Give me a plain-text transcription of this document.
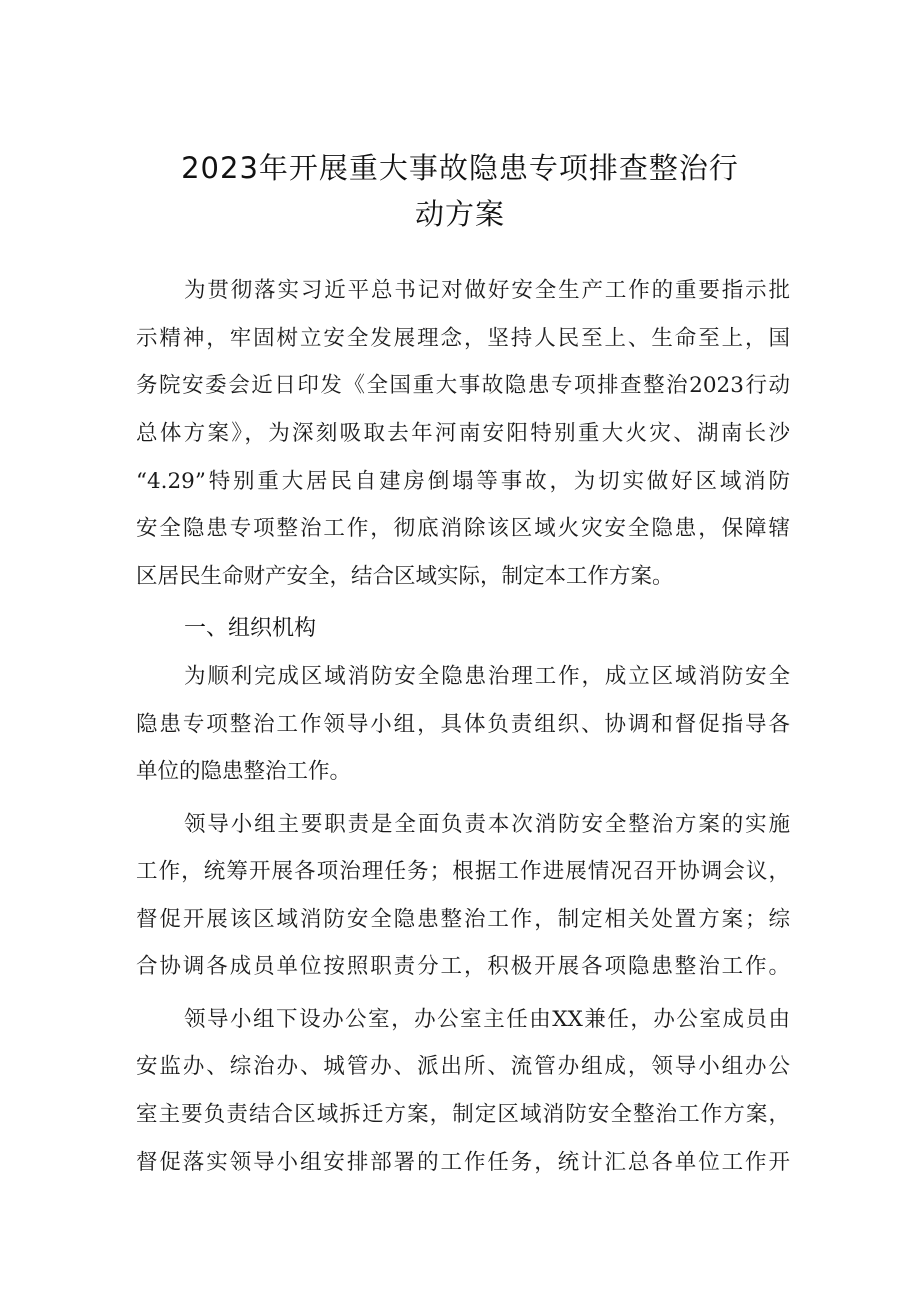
2023年开展重大事故隐患专项排查整治行
动方案

为贯彻落实习近平总书记对做好安全生产工作的重要指示批

示精神，牢固树立安全发展理念，坚持人民至上、生命至上，国

务院安委会近日印发《全国重大事故隐患专项排查整治2023行动

总体方案》，为深刻吸取去年河南安阳特别重大火灾、湖南长沙

“4.29”特别重大居民自建房倒塌等事故，为切实做好区域消防

安全隐患专项整治工作，彻底消除该区域火灾安全隐患，保障辖

区居民生命财产安全，结合区域实际，制定本工作方案。

一、组织机构

为顺利完成区域消防安全隐患治理工作，成立区域消防安全

隐患专项整治工作领导小组，具体负责组织、协调和督促指导各

单位的隐患整治工作。

领导小组主要职责是全面负责本次消防安全整治方案的实施

工作，统筹开展各项治理任务；根据工作进展情况召开协调会议，

督促开展该区域消防安全隐患整治工作，制定相关处置方案；综

合协调各成员单位按照职责分工，积极开展各项隐患整治工作。

领导小组下设办公室，办公室主任由XX兼任，办公室成员由

安监办、综治办、城管办、派出所、流管办组成，领导小组办公

室主要负责结合区域拆迁方案，制定区域消防安全整治工作方案，

督促落实领导小组安排部署的工作任务，统计汇总各单位工作开
